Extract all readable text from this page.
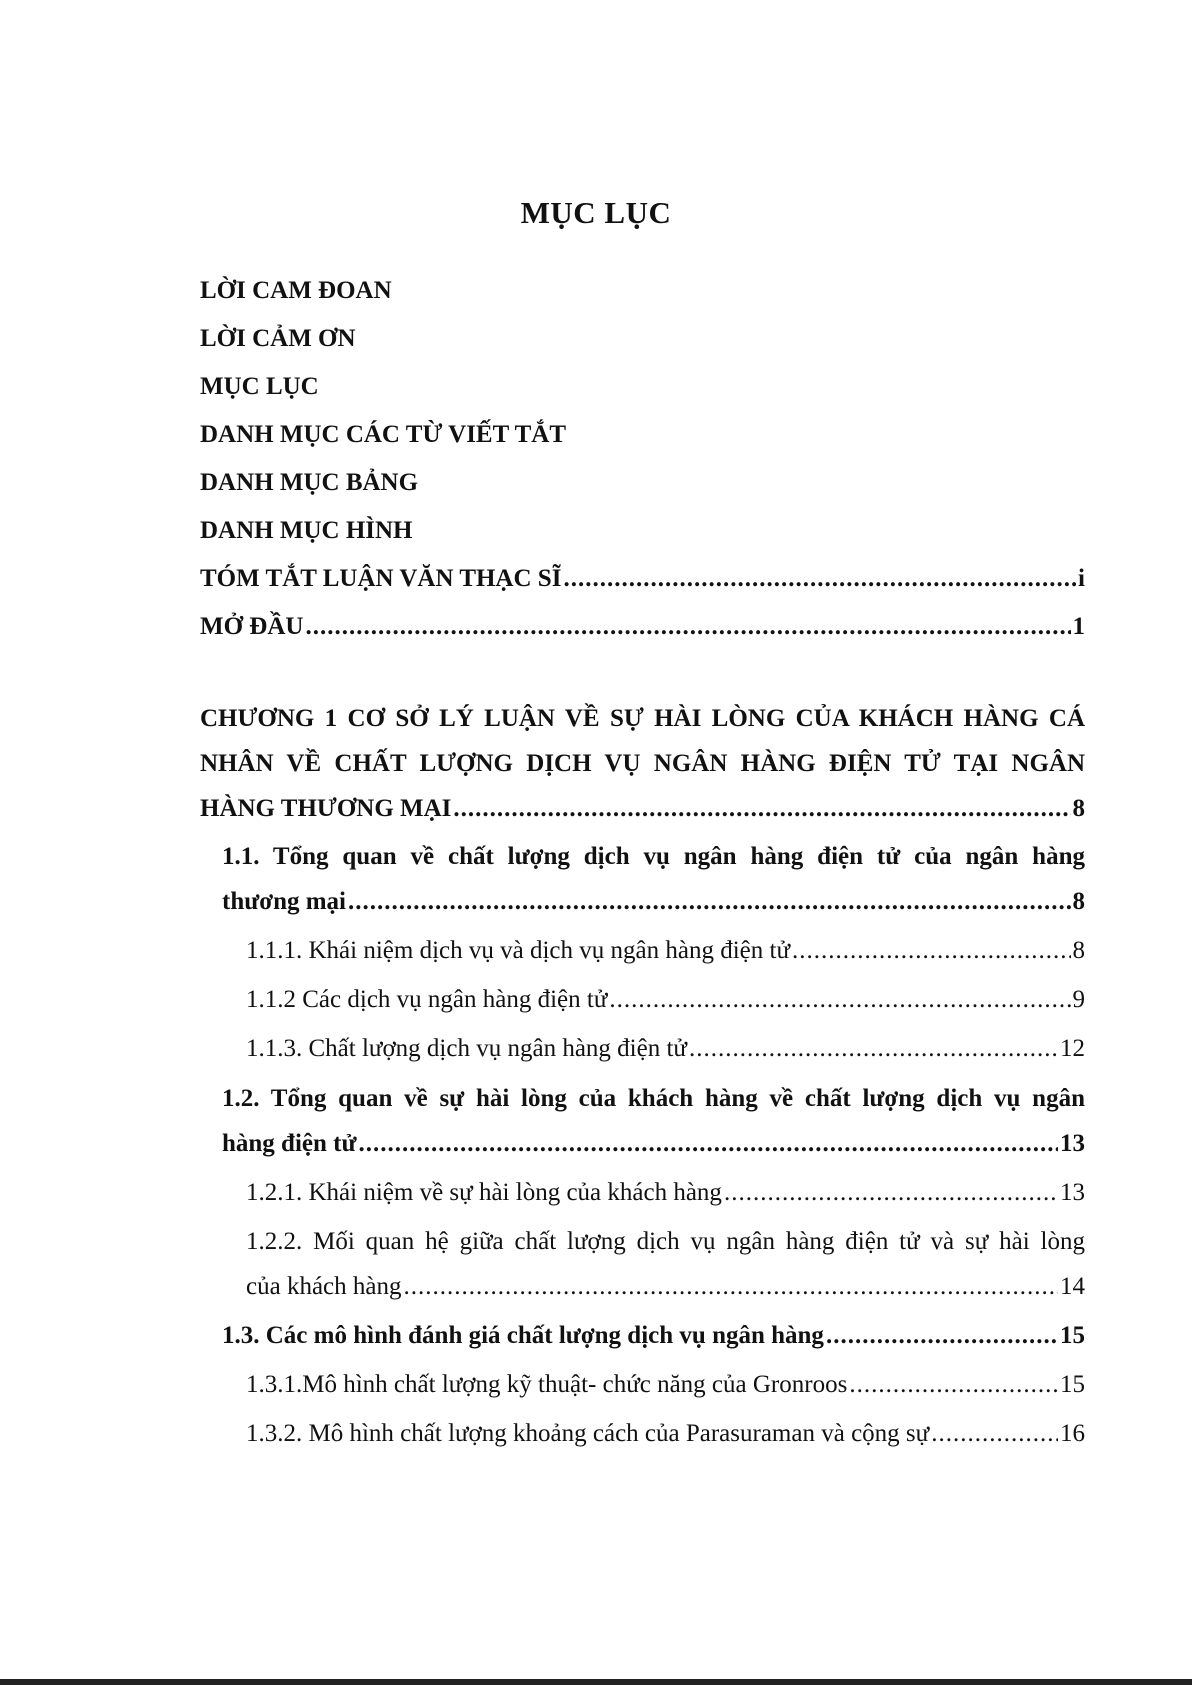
MỤC LỤC
LỜI CAM ĐOAN
LỜI CẢM ƠN
MỤC LỤC
DANH MỤC CÁC TỪ VIẾT TẮT
DANH MỤC BẢNG
DANH MỤC HÌNH
TÓM TẮT LUẬN VĂN THẠC SĨ .....	i
MỞ ĐẦU .....	1
CHƯƠNG 1 CƠ SỞ LÝ LUẬN VỀ SỰ HÀI LÒNG CỦA KHÁCH HÀNG CÁ
NHÂN VỀ CHẤT LƯỢNG DỊCH VỤ NGÂN HÀNG ĐIỆN TỬ TẠI NGÂN
HÀNG THƯƠNG MẠI .....	8
1.1. Tổng quan về chất lượng dịch vụ ngân hàng điện tử của ngân hàng
thương mại .....	8
1.1.1. Khái niệm dịch vụ và dịch vụ ngân hàng điện tử .....	8
1.1.2 Các dịch vụ ngân hàng điện tử .....	9
1.1.3. Chất lượng dịch vụ ngân hàng điện tử .....	12
1.2. Tổng quan về sự hài lòng của khách hàng về chất lượng dịch vụ ngân
hàng điện tử .....	13
1.2.1. Khái niệm về sự hài lòng của khách hàng .....	13
1.2.2. Mối quan hệ giữa chất lượng dịch vụ ngân hàng điện tử và sự hài lòng
của khách hàng .....	14
1.3. Các mô hình đánh giá chất lượng dịch vụ ngân hàng .....	15
1.3.1.Mô hình chất lượng kỹ thuật- chức năng của Gronroos .....	15
1.3.2. Mô hình chất lượng khoảng cách của Parasuraman và cộng sự .....	16
